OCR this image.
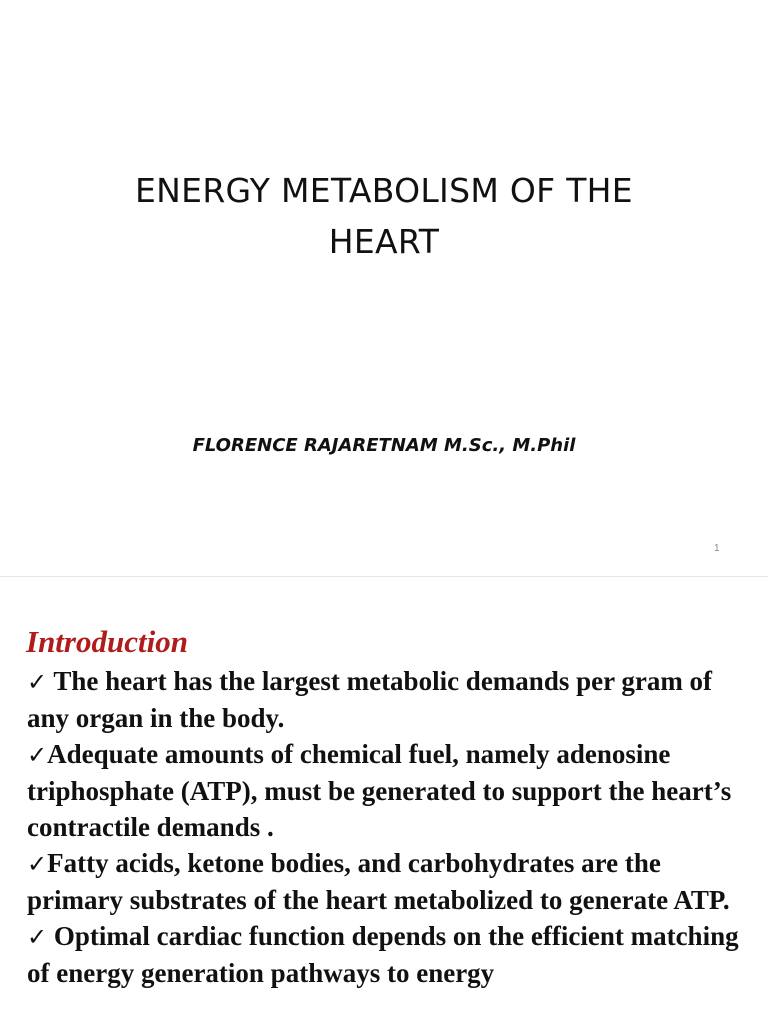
ENERGY METABOLISM OF THE
HEART
FLORENCE RAJARETNAM M.Sc., M.Phil
1
Introduction

✓ The heart has the largest metabolic demands per gram of any organ in the body.

✓Adequate amounts of chemical fuel, namely adenosine triphosphate (ATP), must be generated to support the heart’s contractile demands .

✓Fatty acids, ketone bodies, and carbohydrates are the primary substrates of the heart metabolized to generate ATP.

✓ Optimal cardiac function depends on the efficient matching of energy generation pathways to energy
